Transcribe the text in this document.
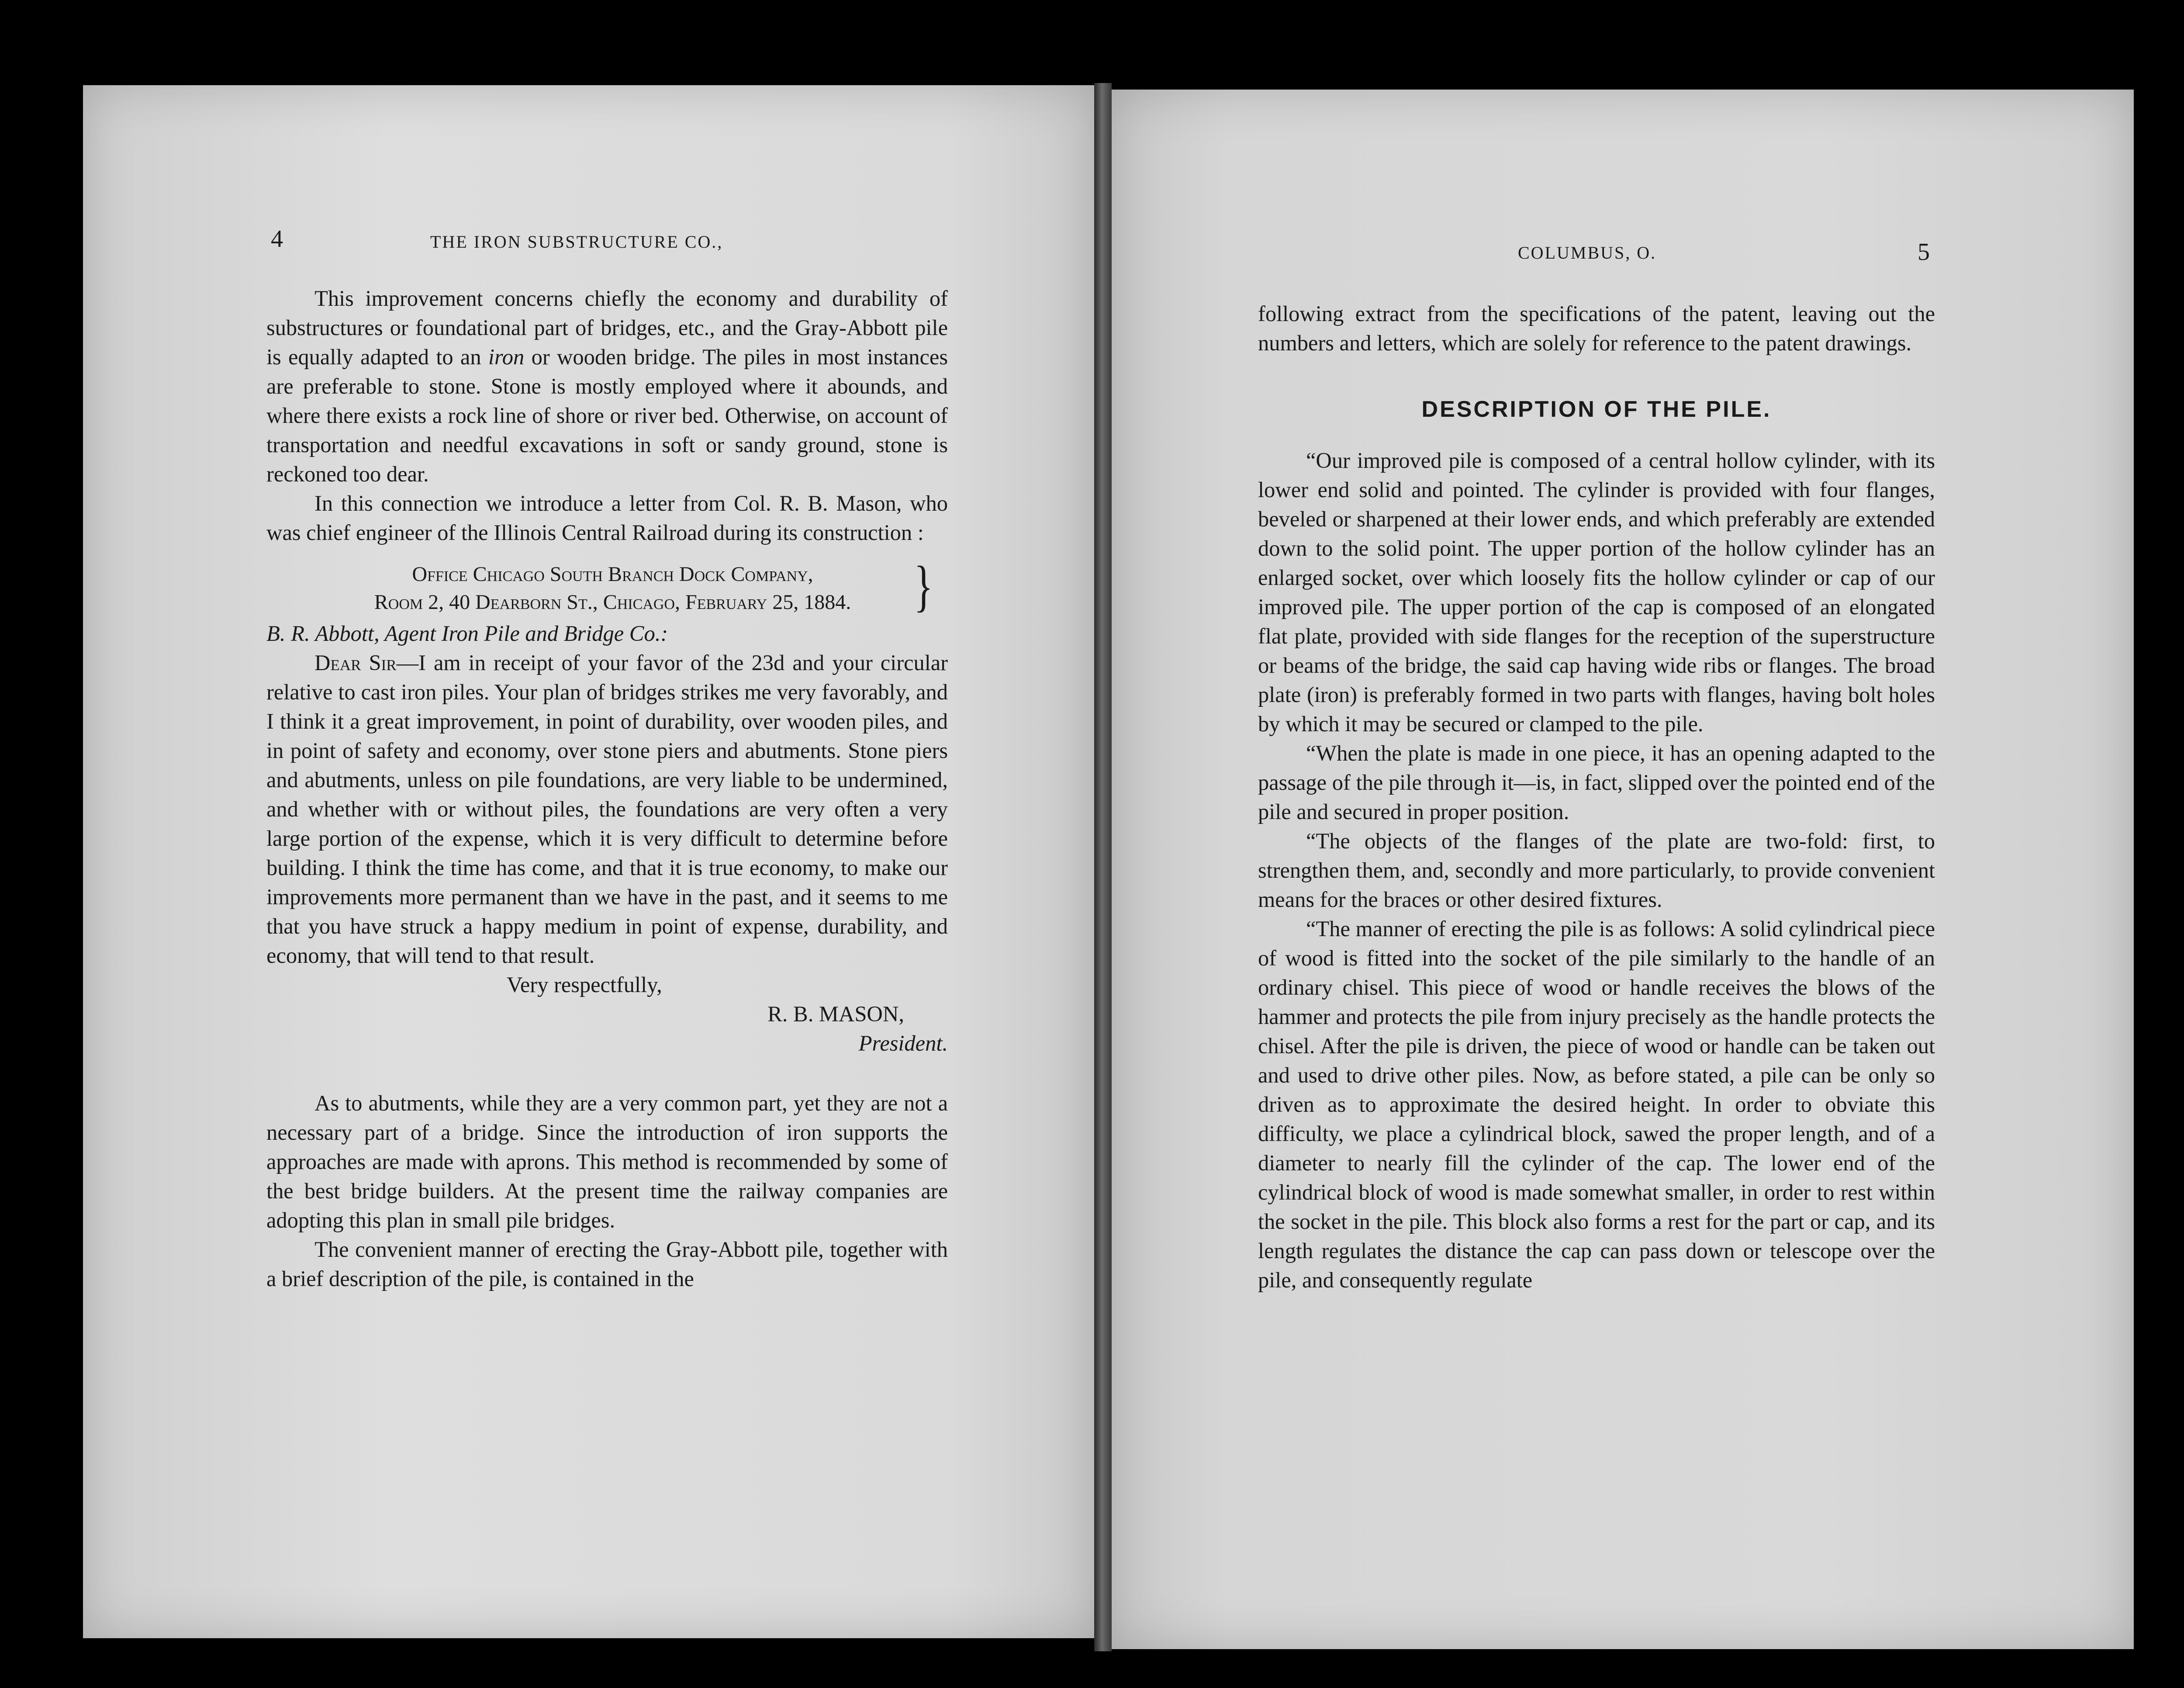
4	THE IRON SUBSTRUCTURE CO.,

This improvement concerns chiefly the economy and durability of substructures or foundational part of bridges, etc., and the Gray-Abbott pile is equally adapted to an iron or wooden bridge. The piles in most instances are preferable to stone. Stone is mostly employed where it abounds, and where there exists a rock line of shore or river bed. Otherwise, on account of transportation and needful excavations in soft or sandy ground, stone is reckoned too dear.

In this connection we introduce a letter from Col. R. B. Mason, who was chief engineer of the Illinois Central Railroad during its construction :

Office Chicago South Branch Dock Company,
Room 2, 40 Dearborn St., Chicago, February 25, 1884.	}

B. R. Abbott, Agent Iron Pile and Bridge Co.:

Dear Sir—I am in receipt of your favor of the 23d and your circular relative to cast iron piles. Your plan of bridges strikes me very favorably, and I think it a great improvement, in point of durability, over wooden piles, and in point of safety and economy, over stone piers and abutments. Stone piers and abutments, unless on pile foundations, are very liable to be undermined, and whether with or without piles, the foundations are very often a very large portion of the expense, which it is very difficult to determine before building. I think the time has come, and that it is true economy, to make our improvements more permanent than we have in the past, and it seems to me that you have struck a happy medium in point of expense, durability, and economy, that will tend to that result.

Very respectfully,
R. B. MASON,
President.

As to abutments, while they are a very common part, yet they are not a necessary part of a bridge. Since the introduction of iron supports the approaches are made with aprons. This method is recommended by some of the best bridge builders. At the present time the railway companies are adopting this plan in small pile bridges.

The convenient manner of erecting the Gray-Abbott pile, together with a brief description of the pile, is contained in the

COLUMBUS, O.	5

following extract from the specifications of the patent, leaving out the numbers and letters, which are solely for reference to the patent drawings.

DESCRIPTION OF THE PILE.

“Our improved pile is composed of a central hollow cylinder, with its lower end solid and pointed. The cylinder is provided with four flanges, beveled or sharpened at their lower ends, and which preferably are extended down to the solid point. The upper portion of the hollow cylinder has an enlarged socket, over which loosely fits the hollow cylinder or cap of our improved pile. The upper portion of the cap is composed of an elongated flat plate, provided with side flanges for the reception of the superstructure or beams of the bridge, the said cap having wide ribs or flanges. The broad plate (iron) is preferably formed in two parts with flanges, having bolt holes by which it may be secured or clamped to the pile.

“When the plate is made in one piece, it has an opening adapted to the passage of the pile through it—is, in fact, slipped over the pointed end of the pile and secured in proper position.

“The objects of the flanges of the plate are two-fold: first, to strengthen them, and, secondly and more particularly, to provide convenient means for the braces or other desired fixtures.

“The manner of erecting the pile is as follows: A solid cylindrical piece of wood is fitted into the socket of the pile similarly to the handle of an ordinary chisel. This piece of wood or handle receives the blows of the hammer and protects the pile from injury precisely as the handle protects the chisel. After the pile is driven, the piece of wood or handle can be taken out and used to drive other piles. Now, as before stated, a pile can be only so driven as to approximate the desired height. In order to obviate this difficulty, we place a cylindrical block, sawed the proper length, and of a diameter to nearly fill the cylinder of the cap. The lower end of the cylindrical block of wood is made somewhat smaller, in order to rest within the socket in the pile. This block also forms a rest for the part or cap, and its length regulates the distance the cap can pass down or telescope over the pile, and consequently regulate
